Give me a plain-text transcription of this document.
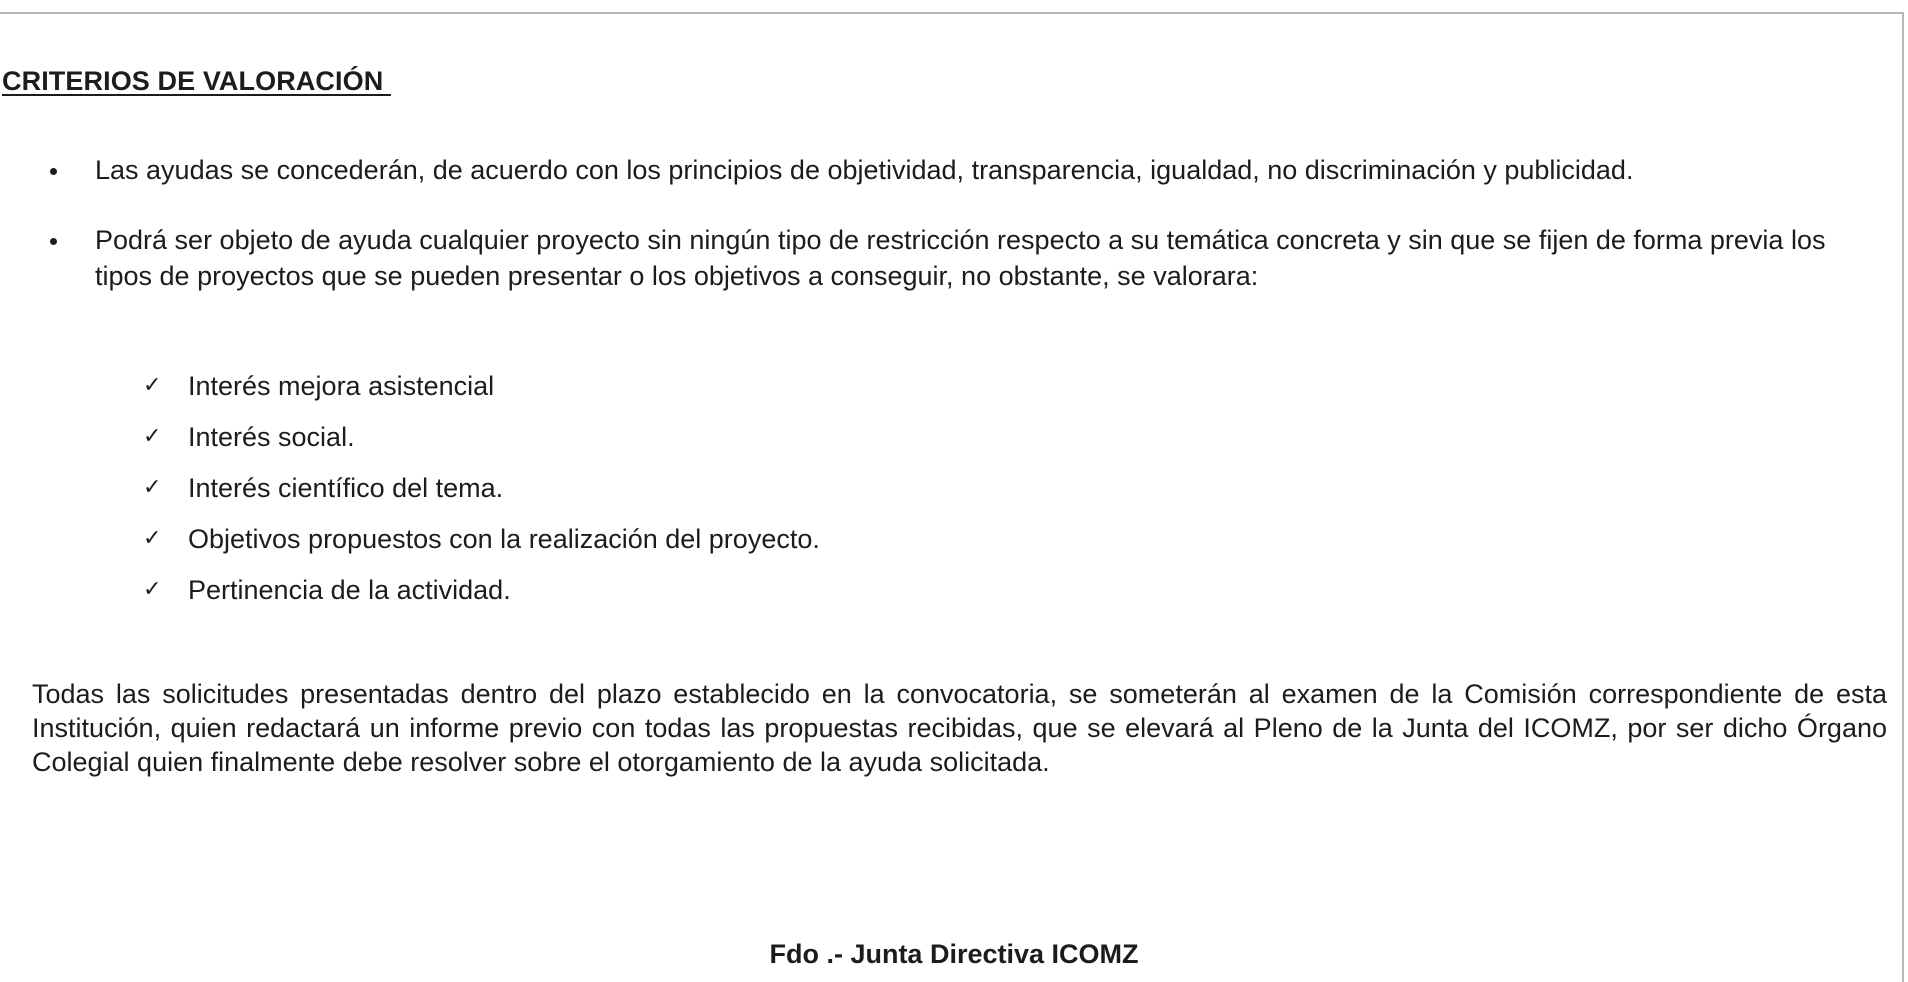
CRITERIOS DE VALORACIÓN
Las ayudas se concederán, de acuerdo con los principios de objetividad, transparencia, igualdad, no discriminación y publicidad.
Podrá ser objeto de ayuda cualquier proyecto sin ningún tipo de restricción respecto a su temática concreta y sin que se fijen de forma previa los tipos de proyectos que se pueden presentar o los objetivos a conseguir, no obstante, se valorara:
✓ Interés mejora asistencial
✓ Interés social.
✓ Interés científico del tema.
✓ Objetivos propuestos con la realización del proyecto.
✓ Pertinencia de la actividad.

Todas las solicitudes presentadas dentro del plazo establecido en la convocatoria, se someterán al examen de la Comisión correspondiente de esta Institución, quien redactará un informe previo con todas las propuestas recibidas, que se elevará al Pleno de la Junta del ICOMZ, por ser dicho Órgano Colegial quien finalmente debe resolver sobre el otorgamiento de la ayuda solicitada.

Fdo .- Junta Directiva ICOMZ
